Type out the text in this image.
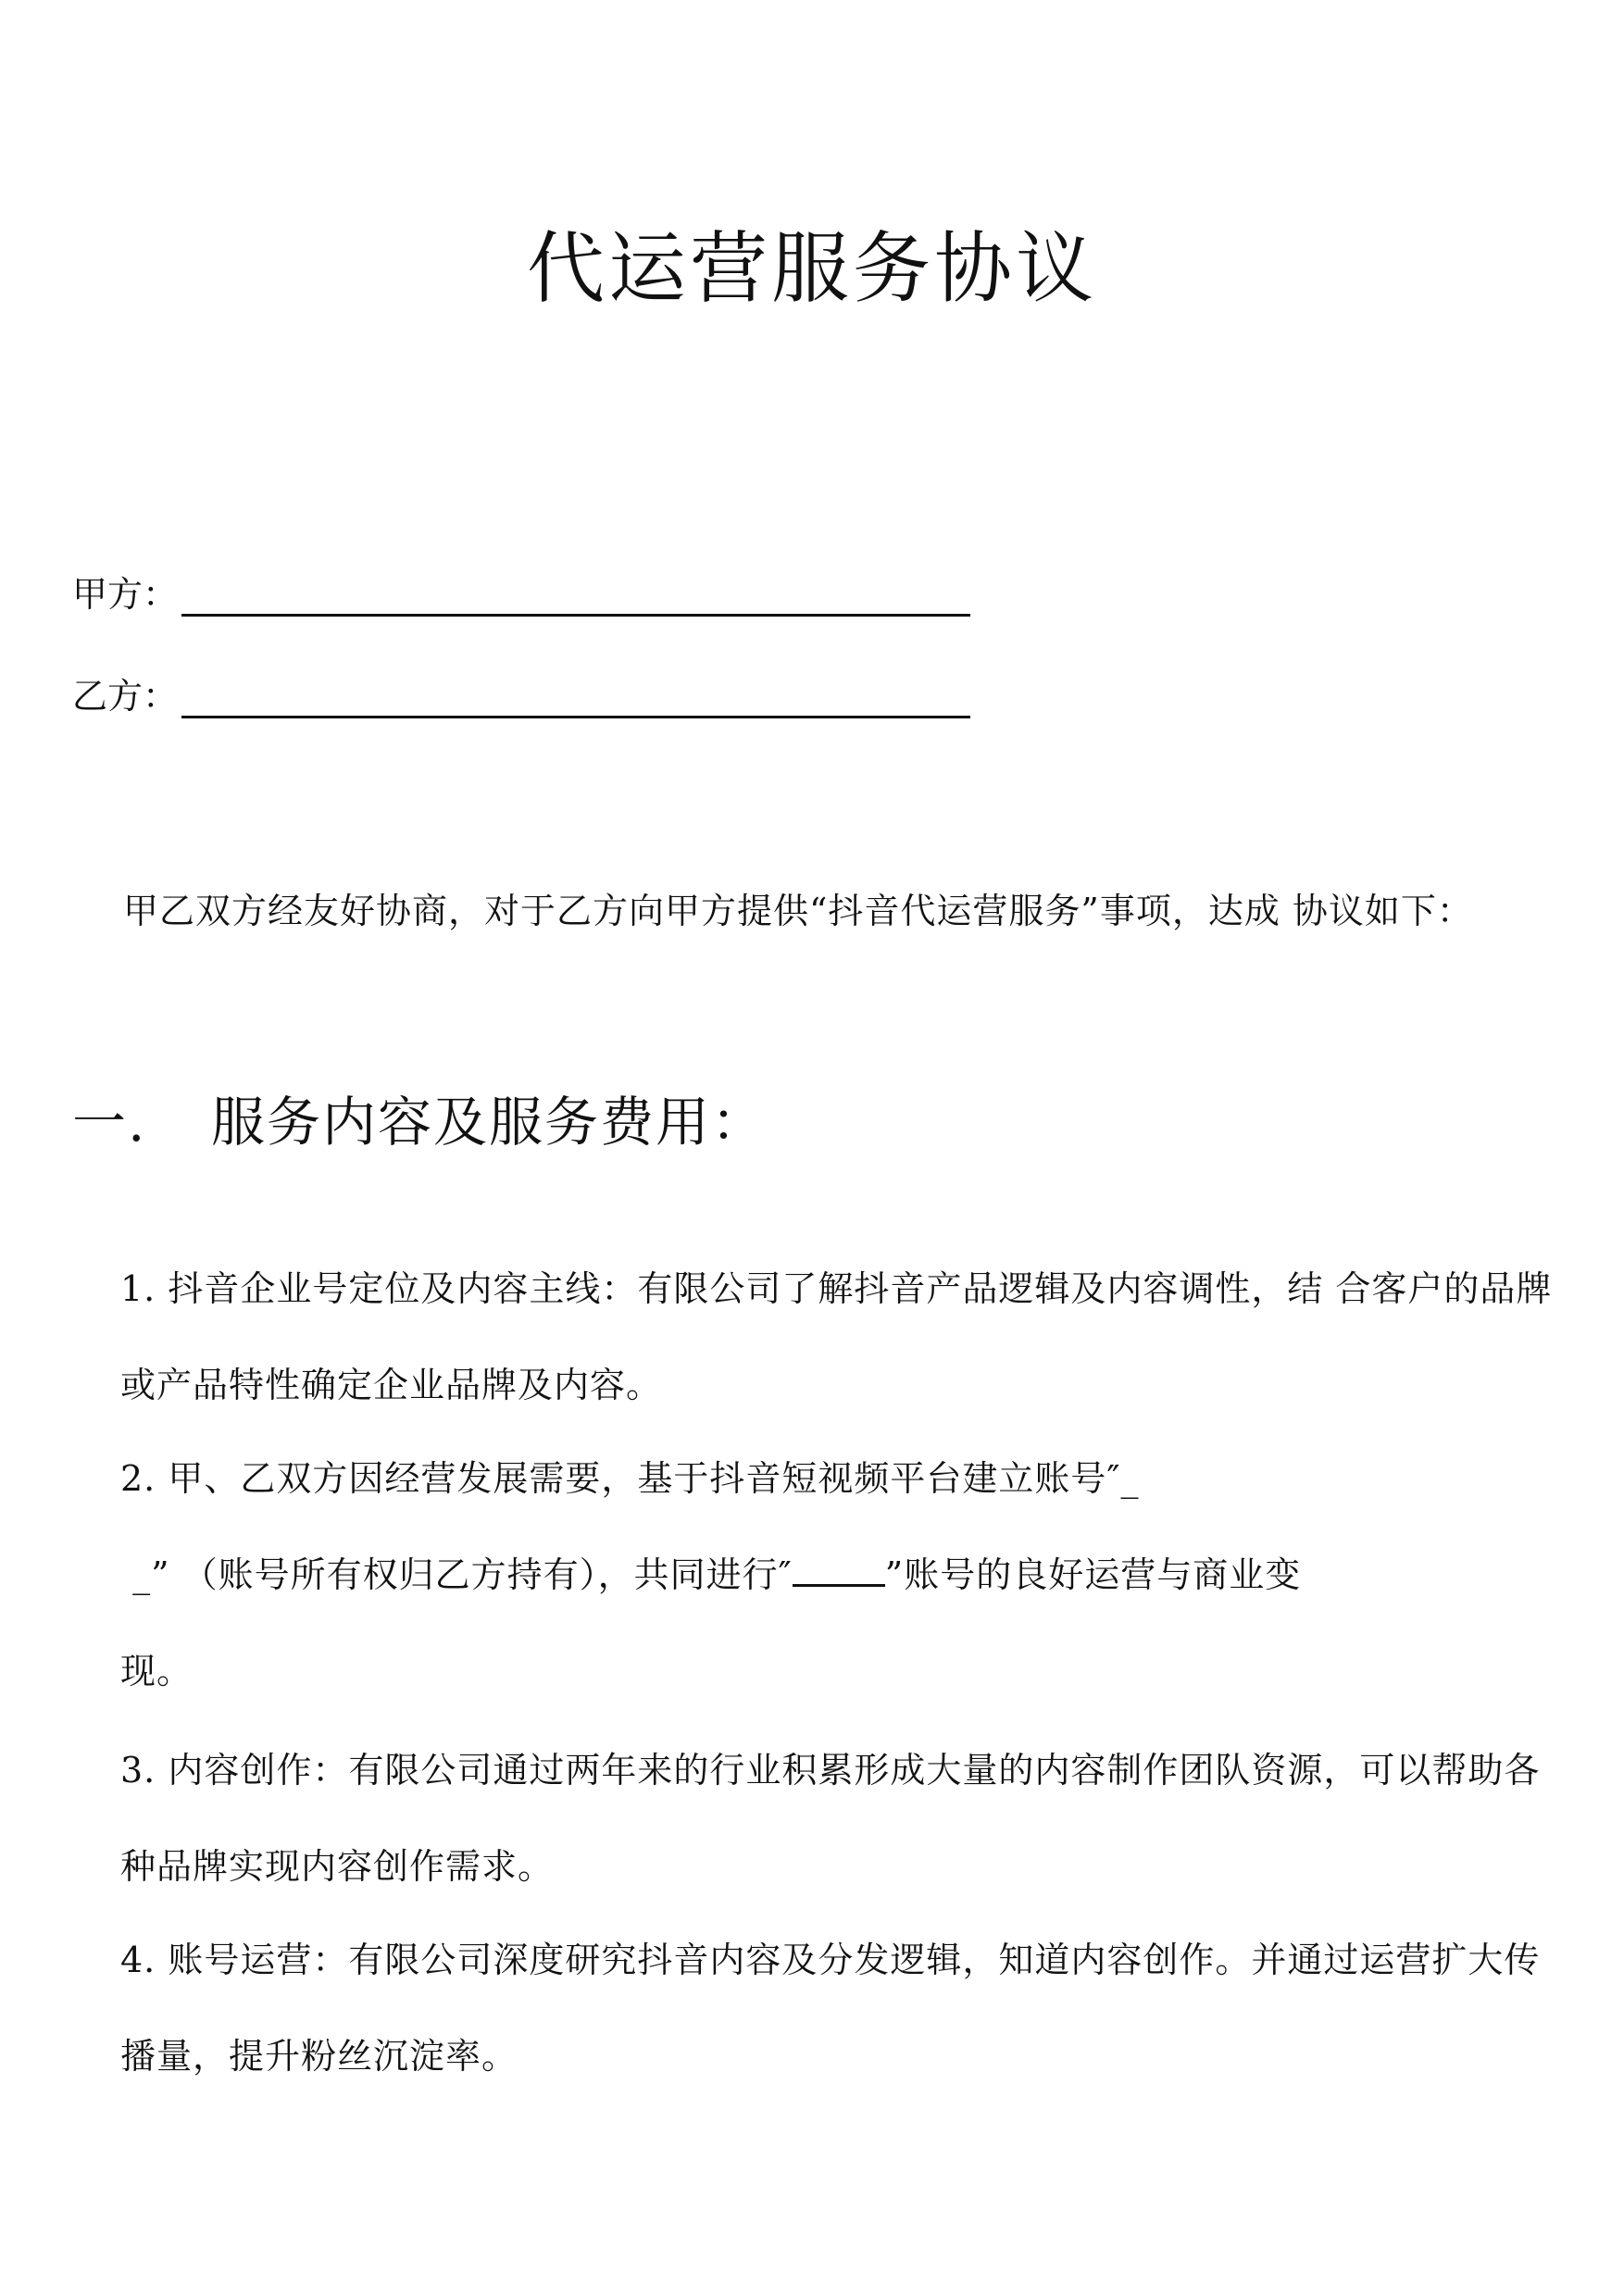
代运营服务协议
甲方：
乙方：
甲乙双方经友好协商，对于乙方向甲方提供“抖音代运营服务”事项，达成 协议如下：
一. 服务内容及服务费用：
1. 抖音企业号定位及内容主线：有限公司了解抖音产品逻辑及内容调性，结 合客户的品牌或产品特性确定企业品牌及内容。
2. 甲、乙双方因经营发展需要，基于抖音短视频平台建立账号″_
_” （账号所有权归乙方持有），共同进行″	”账号的良好运营与商业变
现。
3. 内容创作：有限公司通过两年来的行业积累形成大量的内容制作团队资源，可以帮助各种品牌实现内容创作需求。
4. 账号运营：有限公司深度研究抖音内容及分发逻辑，知道内容创作。并通过运营扩大传播量，提升粉丝沉淀率。
